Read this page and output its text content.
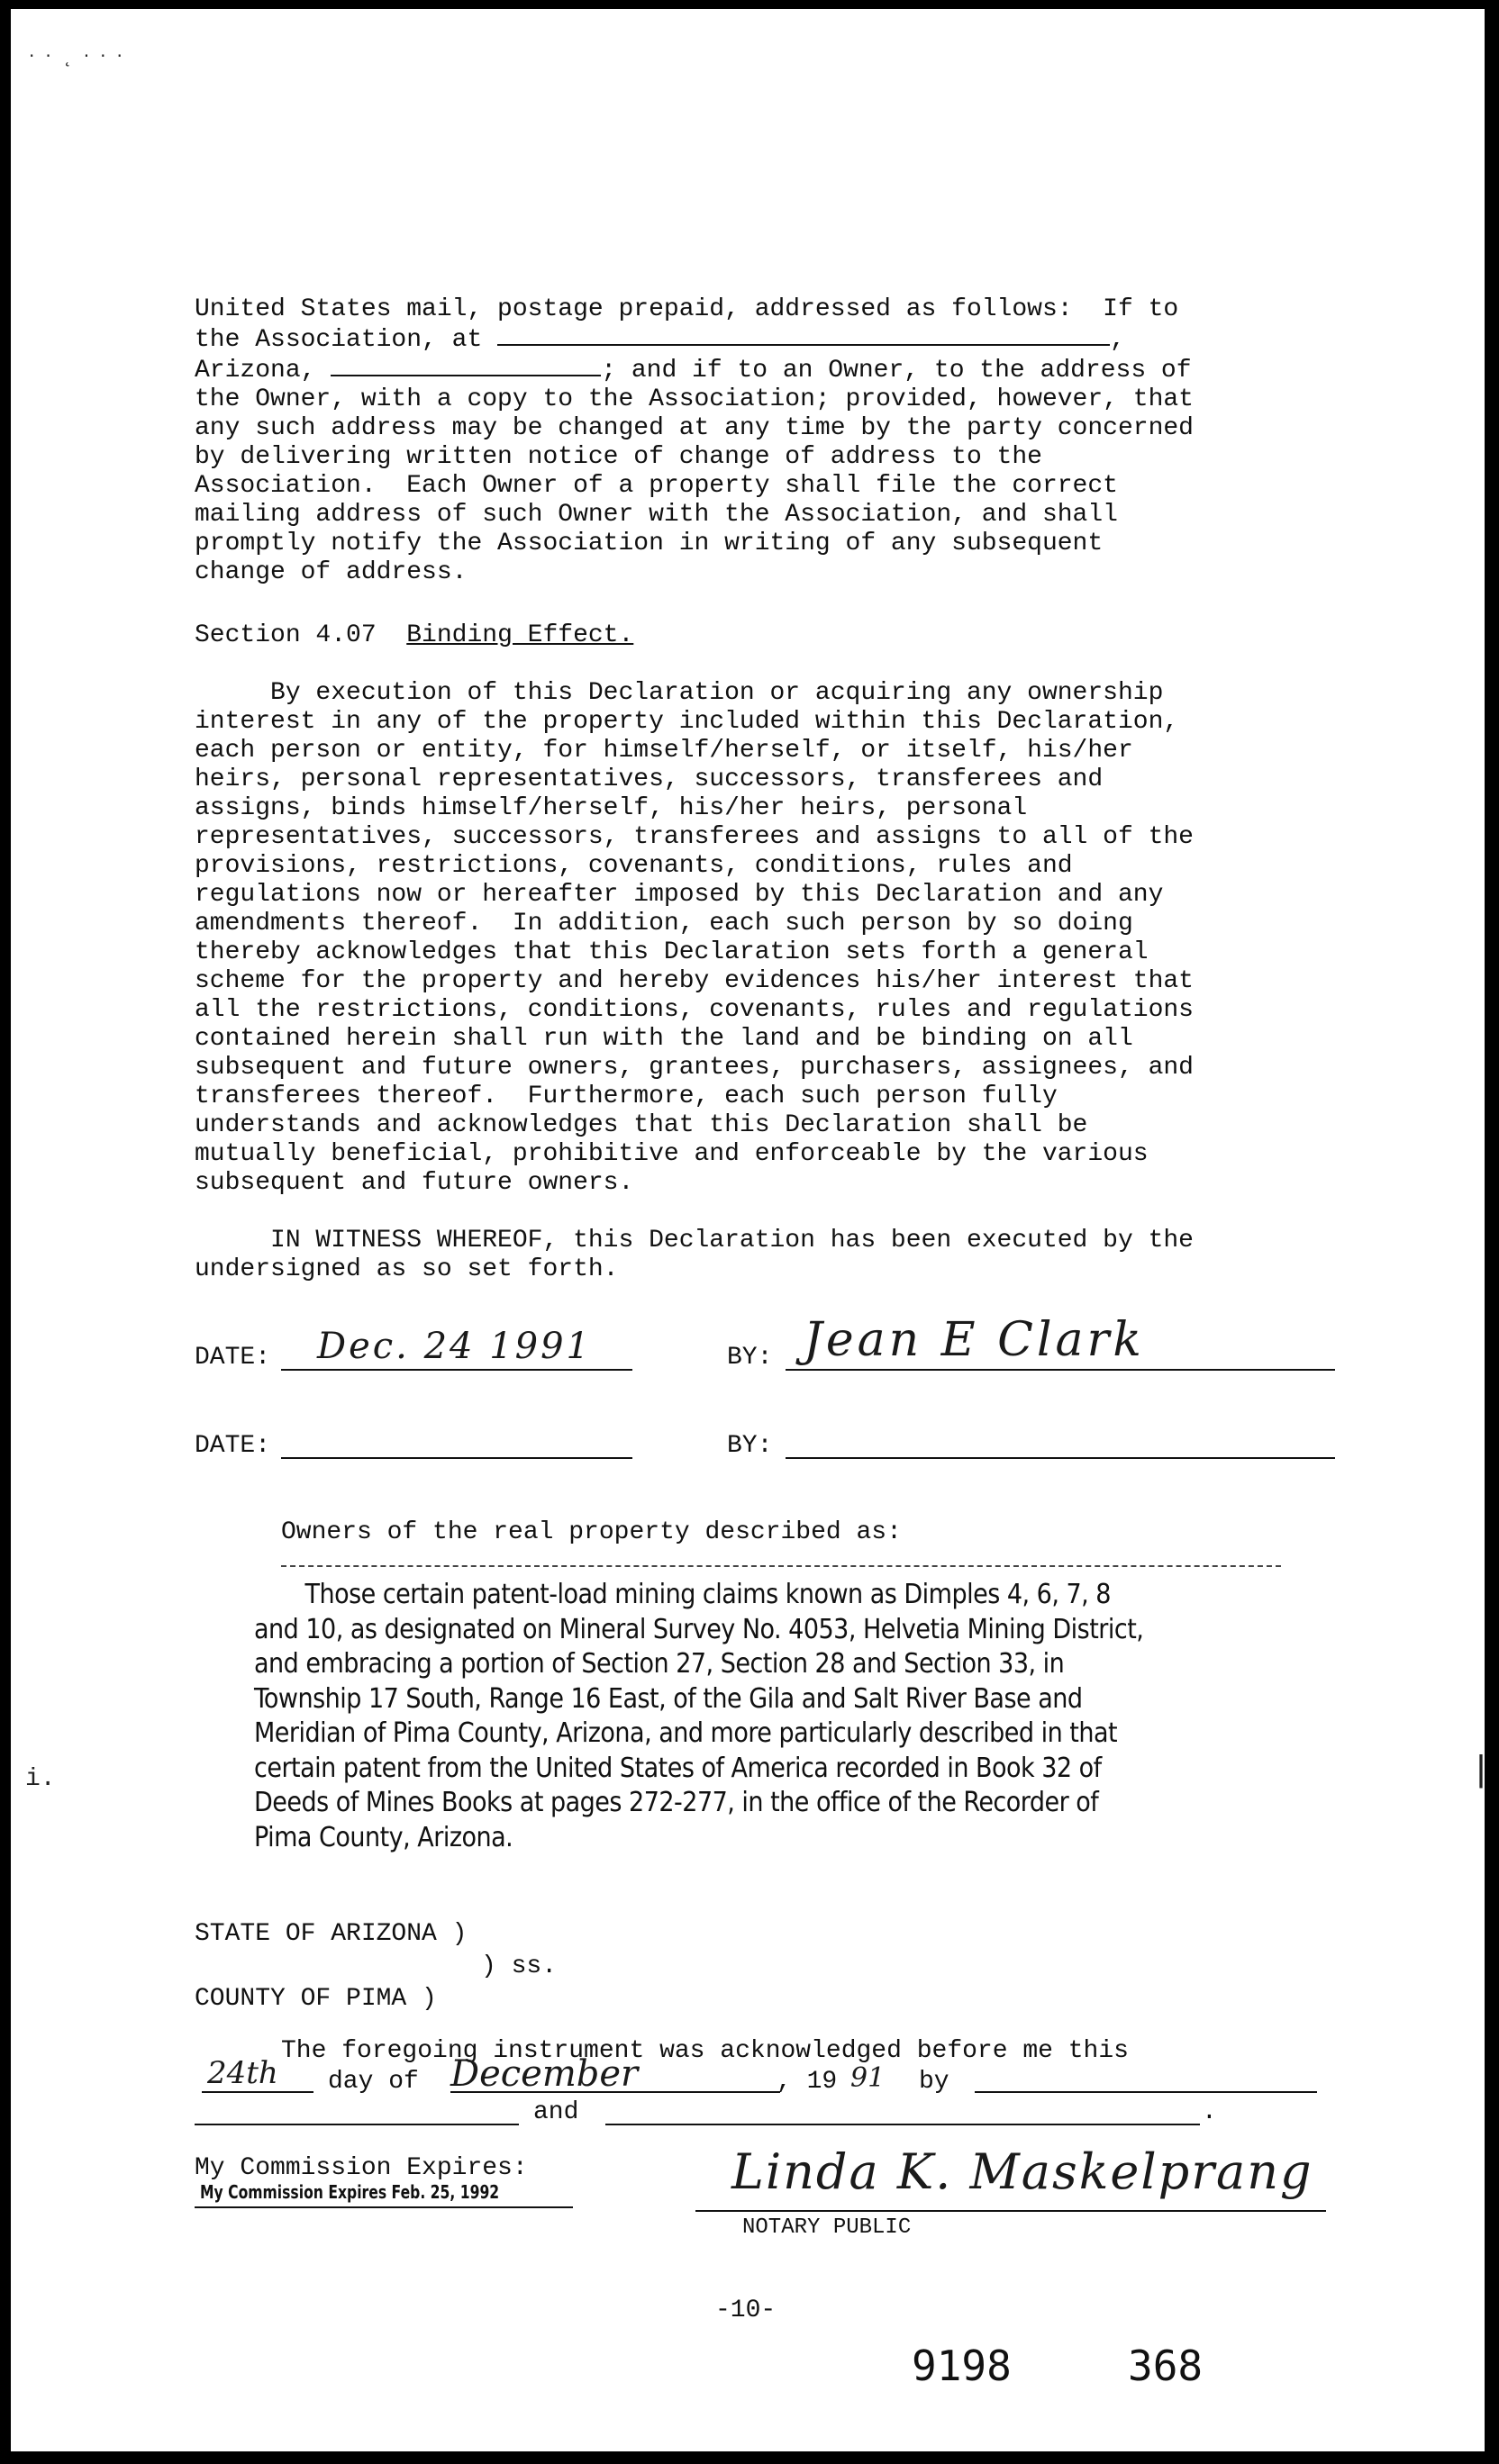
‧ ‧ ˛ ‧ ‧ ‧
i.	|
United States mail, postage prepaid, addressed as follows:  If to
the Association, at	,
Arizona,	; and if to an Owner, to the address of
the Owner, with a copy to the Association; provided, however, that
any such address may be changed at any time by the party concerned
by delivering written notice of change of address to the
Association.  Each Owner of a property shall file the correct
mailing address of such Owner with the Association, and shall
promptly notify the Association in writing of any subsequent
change of address.
Section 4.07 Binding Effect.
By execution of this Declaration or acquiring any ownership
interest in any of the property included within this Declaration,
each person or entity, for himself/herself, or itself, his/her
heirs, personal representatives, successors, transferees and
assigns, binds himself/herself, his/her heirs, personal
representatives, successors, transferees and assigns to all of the
provisions, restrictions, covenants, conditions, rules and
regulations now or hereafter imposed by this Declaration and any
amendments thereof.  In addition, each such person by so doing
thereby acknowledges that this Declaration sets forth a general
scheme for the property and hereby evidences his/her interest that
all the restrictions, conditions, covenants, rules and regulations
contained herein shall run with the land and be binding on all
subsequent and future owners, grantees, purchasers, assignees, and
transferees thereof.  Furthermore, each such person fully
understands and acknowledges that this Declaration shall be
mutually beneficial, prohibitive and enforceable by the various
subsequent and future owners.
IN WITNESS WHEREOF, this Declaration has been executed by the
undersigned as so set forth.
DATE: Dec. 24 1991	BY: Jean E Clark
DATE:	BY:
Owners of the real property described as:
Those certain patent-load mining claims known as Dimples 4, 6, 7, 8
and 10, as designated on Mineral Survey No. 4053, Helvetia Mining District,
and embracing a portion of Section 27, Section 28 and Section 33, in
Township 17 South, Range 16 East, of the Gila and Salt River Base and
Meridian of Pima County, Arizona, and more particularly described in that
certain patent from the United States of America recorded in Book 32 of
Deeds of Mines Books at pages 272-277, in the office of the Recorder of
Pima County, Arizona.
STATE OF ARIZONA )
) ss.
COUNTY OF PIMA )
The foregoing instrument was acknowledged before me this
24th day of December	, 19 91 by
and	.
My Commission Expires:
My Commission Expires Feb. 25, 1992	Linda K. Maskelprang
NOTARY PUBLIC
-10-
9198	368
